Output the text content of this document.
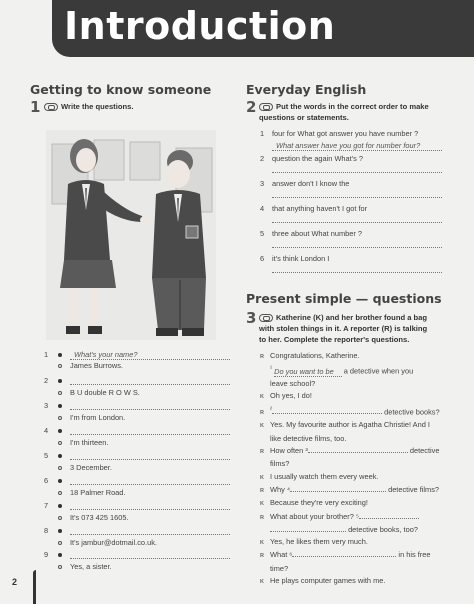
Introduction
Getting to know someone
1	Write the questions.
1	What's your name?
James Burrows.
2
B U double R O W S.
3
I'm from London.
4
I'm thirteen.
5
3 December.
6
18 Palmer Road.
7
It's 073 425 1605.
8
It's jambur@dotmail.co.uk.
9
Yes, a sister.
Everyday English
2	Put the words in the correct order to make
questions or statements.
1 four for What got answer you have number ?
What answer have you got for number four?
2 question the again What's ?
3 answer don't I know the
4 that anything haven't I got for
5 three about What number ?
6 it's think London I
Present simple — questions
3	Katherine (K) and her brother found a bag
with stolen things in it. A reporter (R) is talking
to her. Complete the reporter's questions.
R Congratulations, Katherine.
$^{^1}$ Do you want to be a detective when you
leave school?
K Oh yes, I do!
$R^{^2}$	detective books?
K Yes. My favourite author is Agatha Christie! And I
like detective films, too.
R How often ³	detective
films?
K I usually watch them every week.
R Why ⁴	detective films?
K Because they're very exciting!
R What about your brother? ⁵
detective books, too?
K Yes, he likes them very much.
R What ⁶	in his free
time?
K He plays computer games with me.
2
